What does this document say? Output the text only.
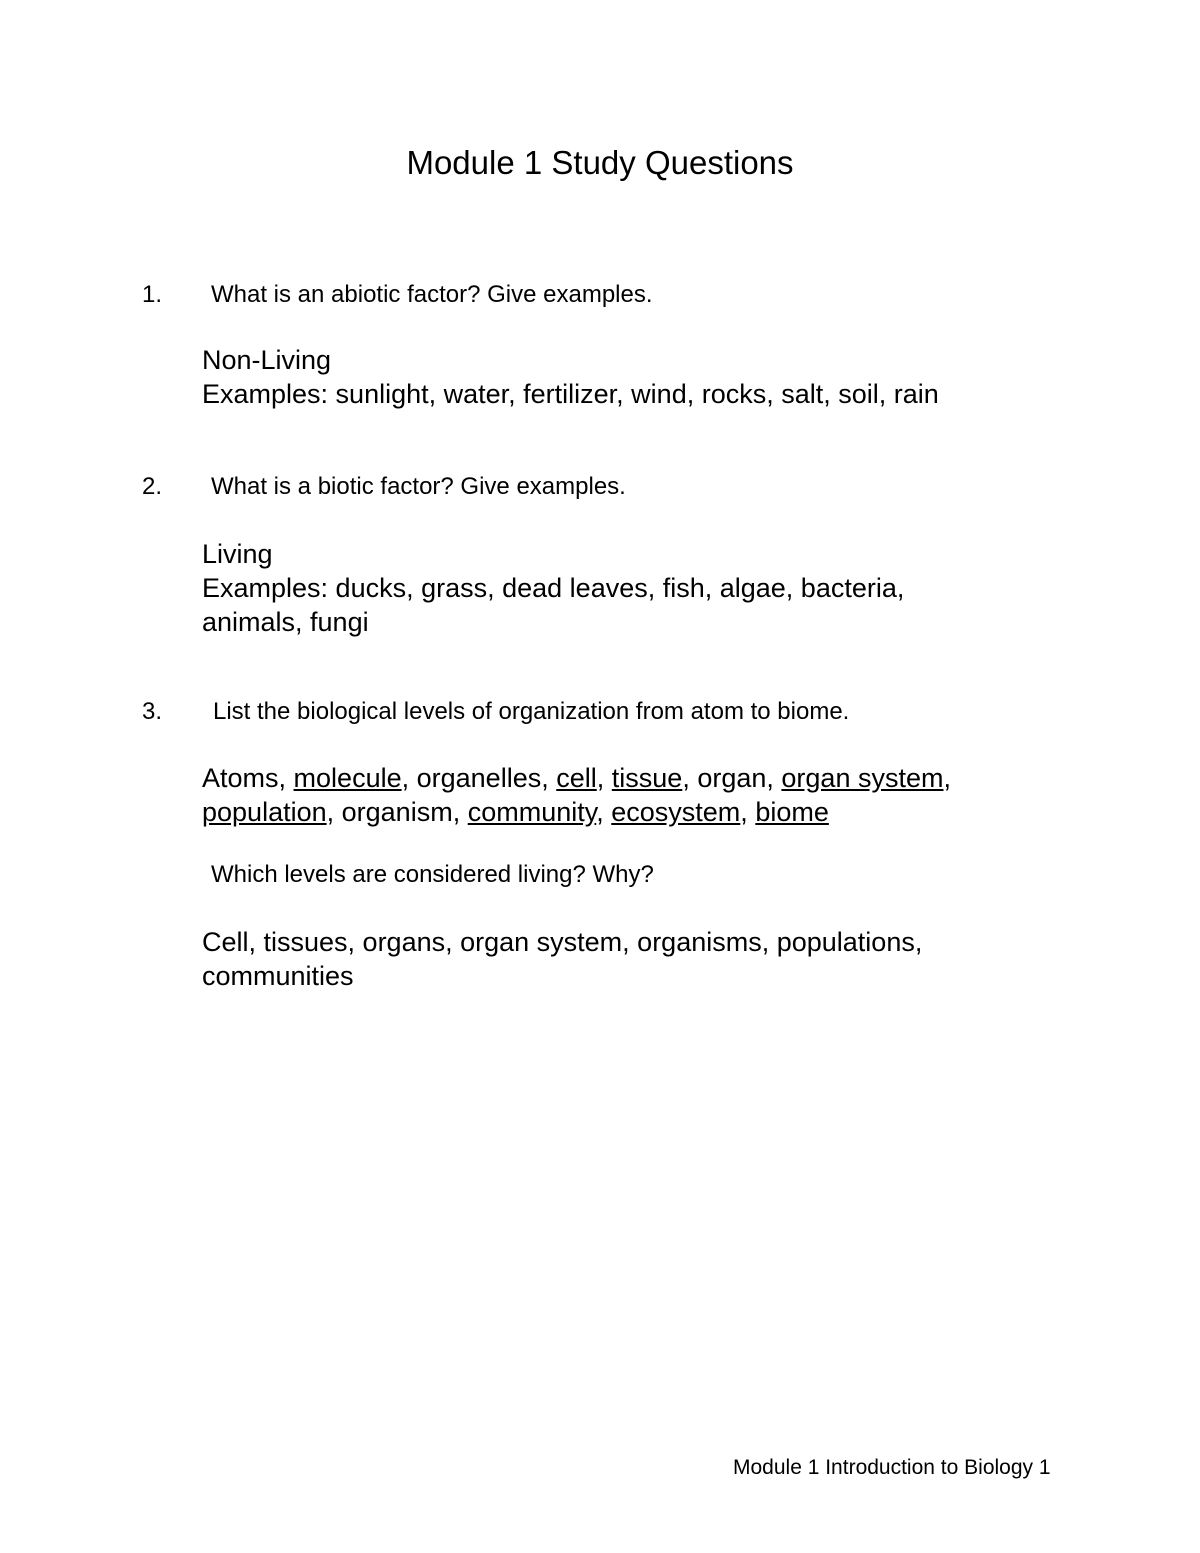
Module 1 Study Questions
1. What is an abiotic factor? Give examples.
Non-Living
Examples: sunlight, water, fertilizer, wind, rocks, salt, soil, rain
2. What is a biotic factor? Give examples.
Living
Examples: ducks, grass, dead leaves, fish, algae, bacteria,
animals, fungi
3. List the biological levels of organization from atom to biome.
Atoms, molecule, organelles, cell, tissue, organ, organ system,
population, organism, community, ecosystem, biome
Which levels are considered living? Why?
Cell, tissues, organs, organ system, organisms, populations,
communities
Module 1 Introduction to Biology 1
